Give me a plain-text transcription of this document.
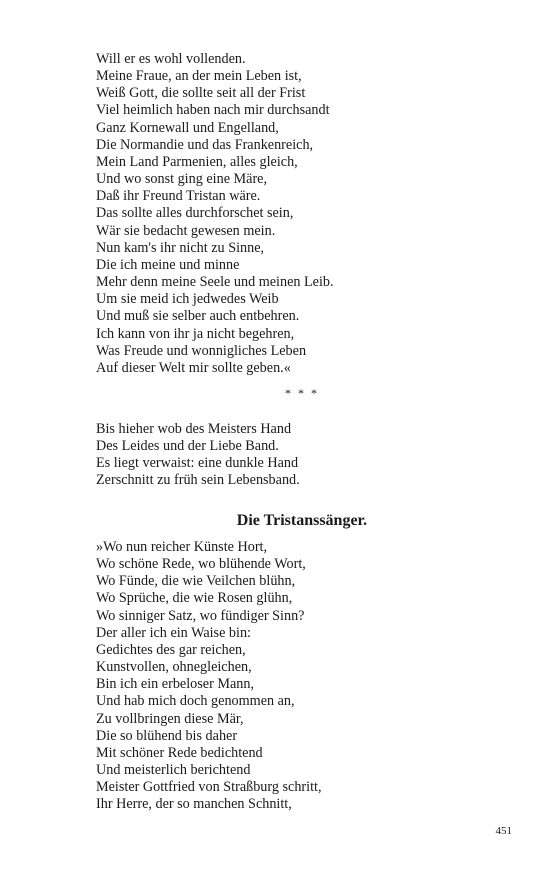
Will er es wohl vollenden.
Meine Fraue, an der mein Leben ist,
Weiß Gott, die sollte seit all der Frist
Viel heimlich haben nach mir durchsandt
Ganz Kornewall und Engelland,
Die Normandie und das Frankenreich,
Mein Land Parmenien, alles gleich,
Und wo sonst ging eine Märe,
Daß ihr Freund Tristan wäre.
Das sollte alles durchforschet sein,
Wär sie bedacht gewesen mein.
Nun kam's ihr nicht zu Sinne,
Die ich meine und minne
Mehr denn meine Seele und meinen Leib.
Um sie meid ich jedwedes Weib
Und muß sie selber auch entbehren.
Ich kann von ihr ja nicht begehren,
Was Freude und wonnigliches Leben
Auf dieser Welt mir sollte geben.«
* * *
Bis hieher wob des Meisters Hand
Des Leides und der Liebe Band.
Es liegt verwaist: eine dunkle Hand
Zerschnitt zu früh sein Lebensband.
Die Tristanssänger.
»Wo nun reicher Künste Hort,
Wo schöne Rede, wo blühende Wort,
Wo Fünde, die wie Veilchen blühn,
Wo Sprüche, die wie Rosen glühn,
Wo sinniger Satz, wo fündiger Sinn?
Der aller ich ein Waise bin:
Gedichtes des gar reichen,
Kunstvollen, ohnegleichen,
Bin ich ein erbeloser Mann,
Und hab mich doch genommen an,
Zu vollbringen diese Mär,
Die so blühend bis daher
Mit schöner Rede bedichtend
Und meisterlich berichtend
Meister Gottfried von Straßburg schritt,
Ihr Herre, der so manchen Schnitt,
451
